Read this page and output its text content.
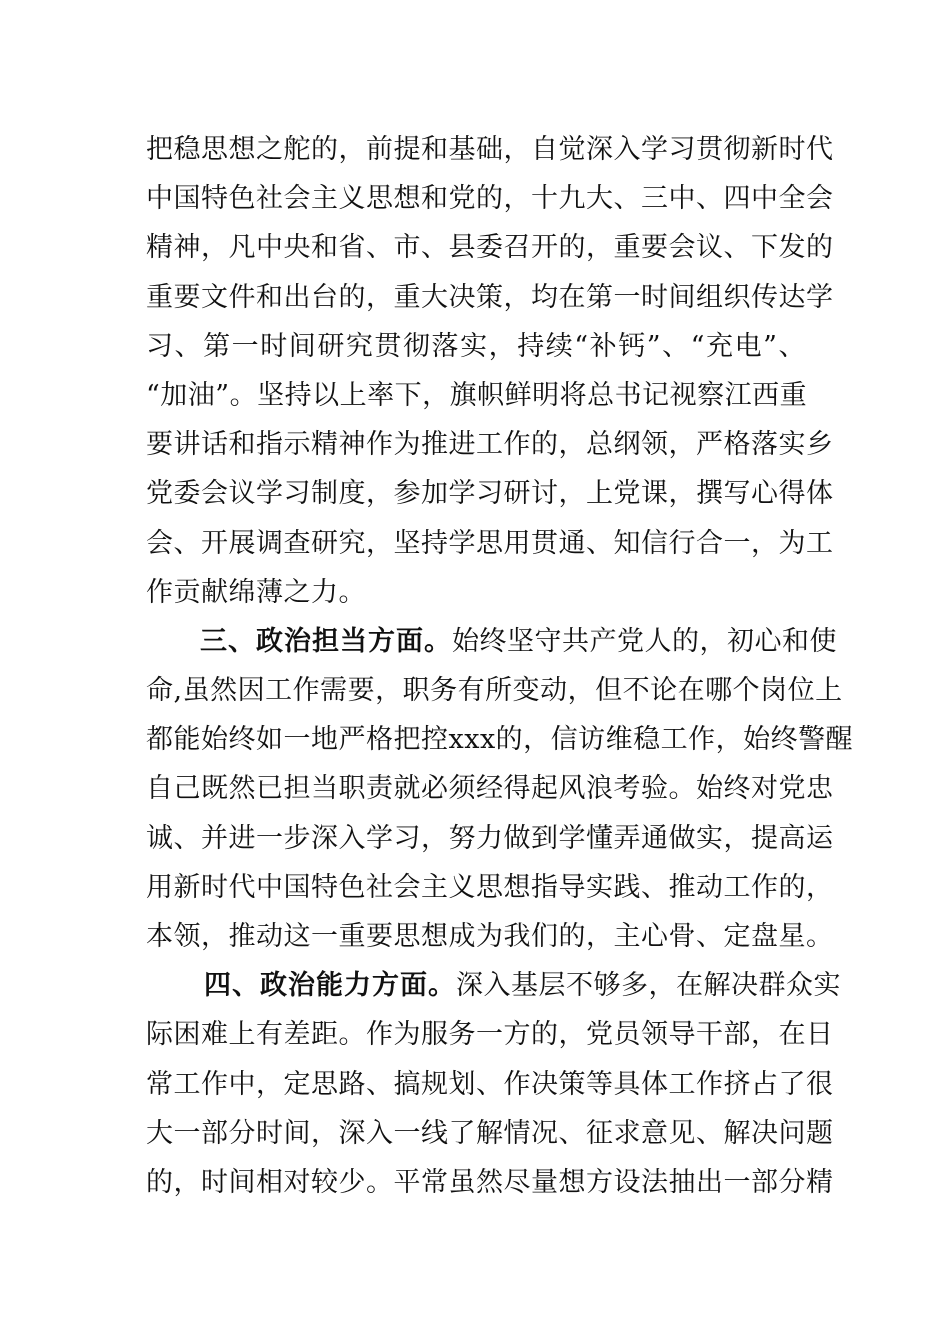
把稳思想之舵的，前提和基础，自觉深入学习贯彻新时代
中国特色社会主义思想和党的，十九大、三中、四中全会
精神，凡中央和省、市、县委召开的，重要会议、下发的
重要文件和出台的，重大决策，均在第一时间组织传达学
习、第一时间研究贯彻落实，持续“补钙”、“充电”、
“加油”。坚持以上率下，旗帜鲜明将总书记视察江西重
要讲话和指示精神作为推进工作的，总纲领，严格落实乡
党委会议学习制度，参加学习研讨，上党课，撰写心得体
会、开展调查研究，坚持学思用贯通、知信行合一，为工
作贡献绵薄之力。
三、政治担当方面。始终坚守共产党人的，初心和使
命,虽然因工作需要，职务有所变动，但不论在哪个岗位上
都能始终如一地严格把控xxx的，信访维稳工作，始终警醒
自己既然已担当职责就必须经得起风浪考验。始终对党忠
诚、并进一步深入学习，努力做到学懂弄通做实，提高运
用新时代中国特色社会主义思想指导实践、推动工作的，
本领，推动这一重要思想成为我们的，主心骨、定盘星。
四、政治能力方面。深入基层不够多，在解决群众实
际困难上有差距。作为服务一方的，党员领导干部，在日
常工作中，定思路、搞规划、作决策等具体工作挤占了很
大一部分时间，深入一线了解情况、征求意见、解决问题
的，时间相对较少。平常虽然尽量想方设法抽出一部分精
